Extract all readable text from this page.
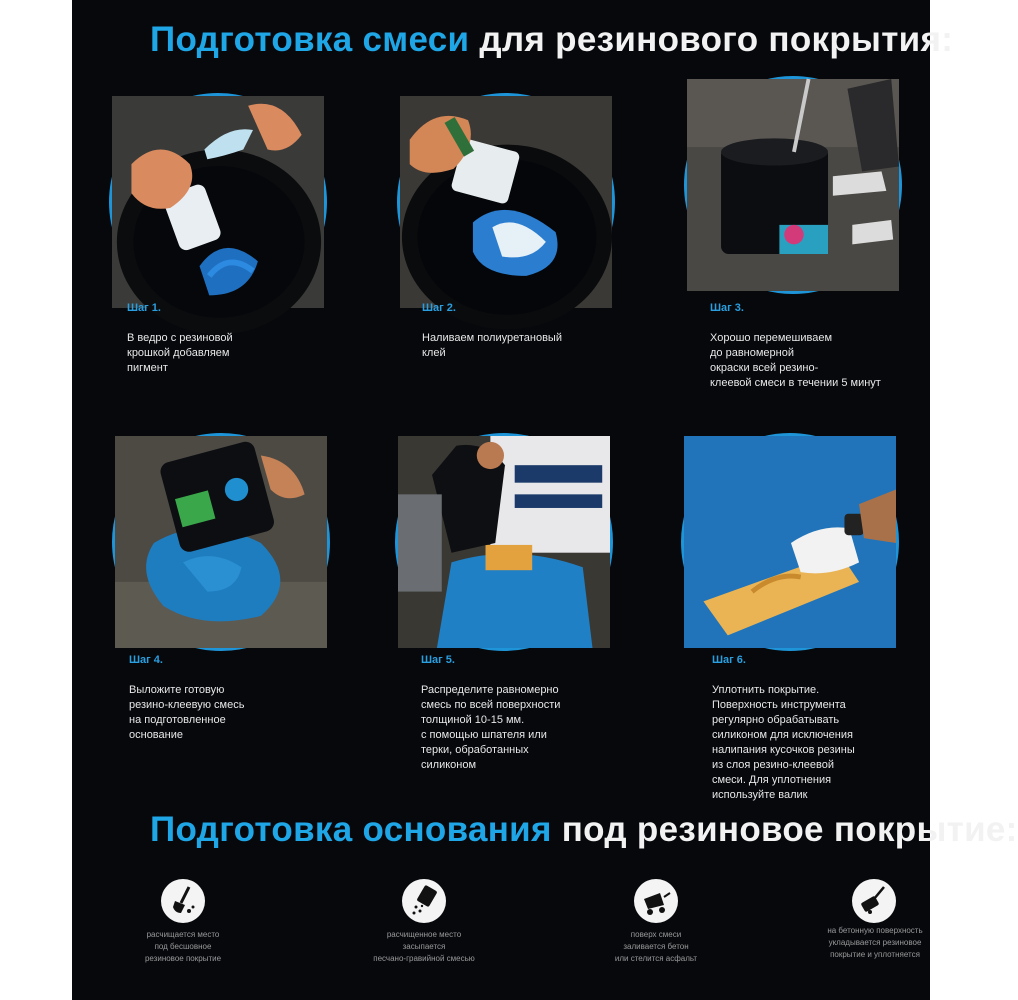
Подготовка смеси для резинового покрытия:
Шаг 1.
В ведро с резиновой
крошкой добавляем
пигмент
Шаг 2.
Наливаем полиуретановый
клей
Шаг 3.
Хорошо перемешиваем
до равномерной
окраски всей резино-
клеевой смеси в течении 5 минут
Шаг 4.
Выложите готовую
резино-клеевую смесь
на подготовленное
основание
Шаг 5.
Распределите равномерно
смесь по всей поверхности
толщиной 10-15 мм.
с помощью шпателя или
терки, обработанных
силиконом
Шаг 6.
Уплотнить покрытие.
Поверхность инструмента
регулярно обрабатывать
силиконом для исключения
налипания кусочков резины
из слоя резино-клеевой
смеси. Для уплотнения
используйте валик
Подготовка основания под резиновое покрытие:
расчищается место
под бесшовное
резиновое покрытие
расчищенное место
засыпается
песчано-гравийной смесью
поверх смеси
заливается бетон
или стелится асфальт
на бетонную поверхность
укладывается резиновое
покрытие и уплотняется
